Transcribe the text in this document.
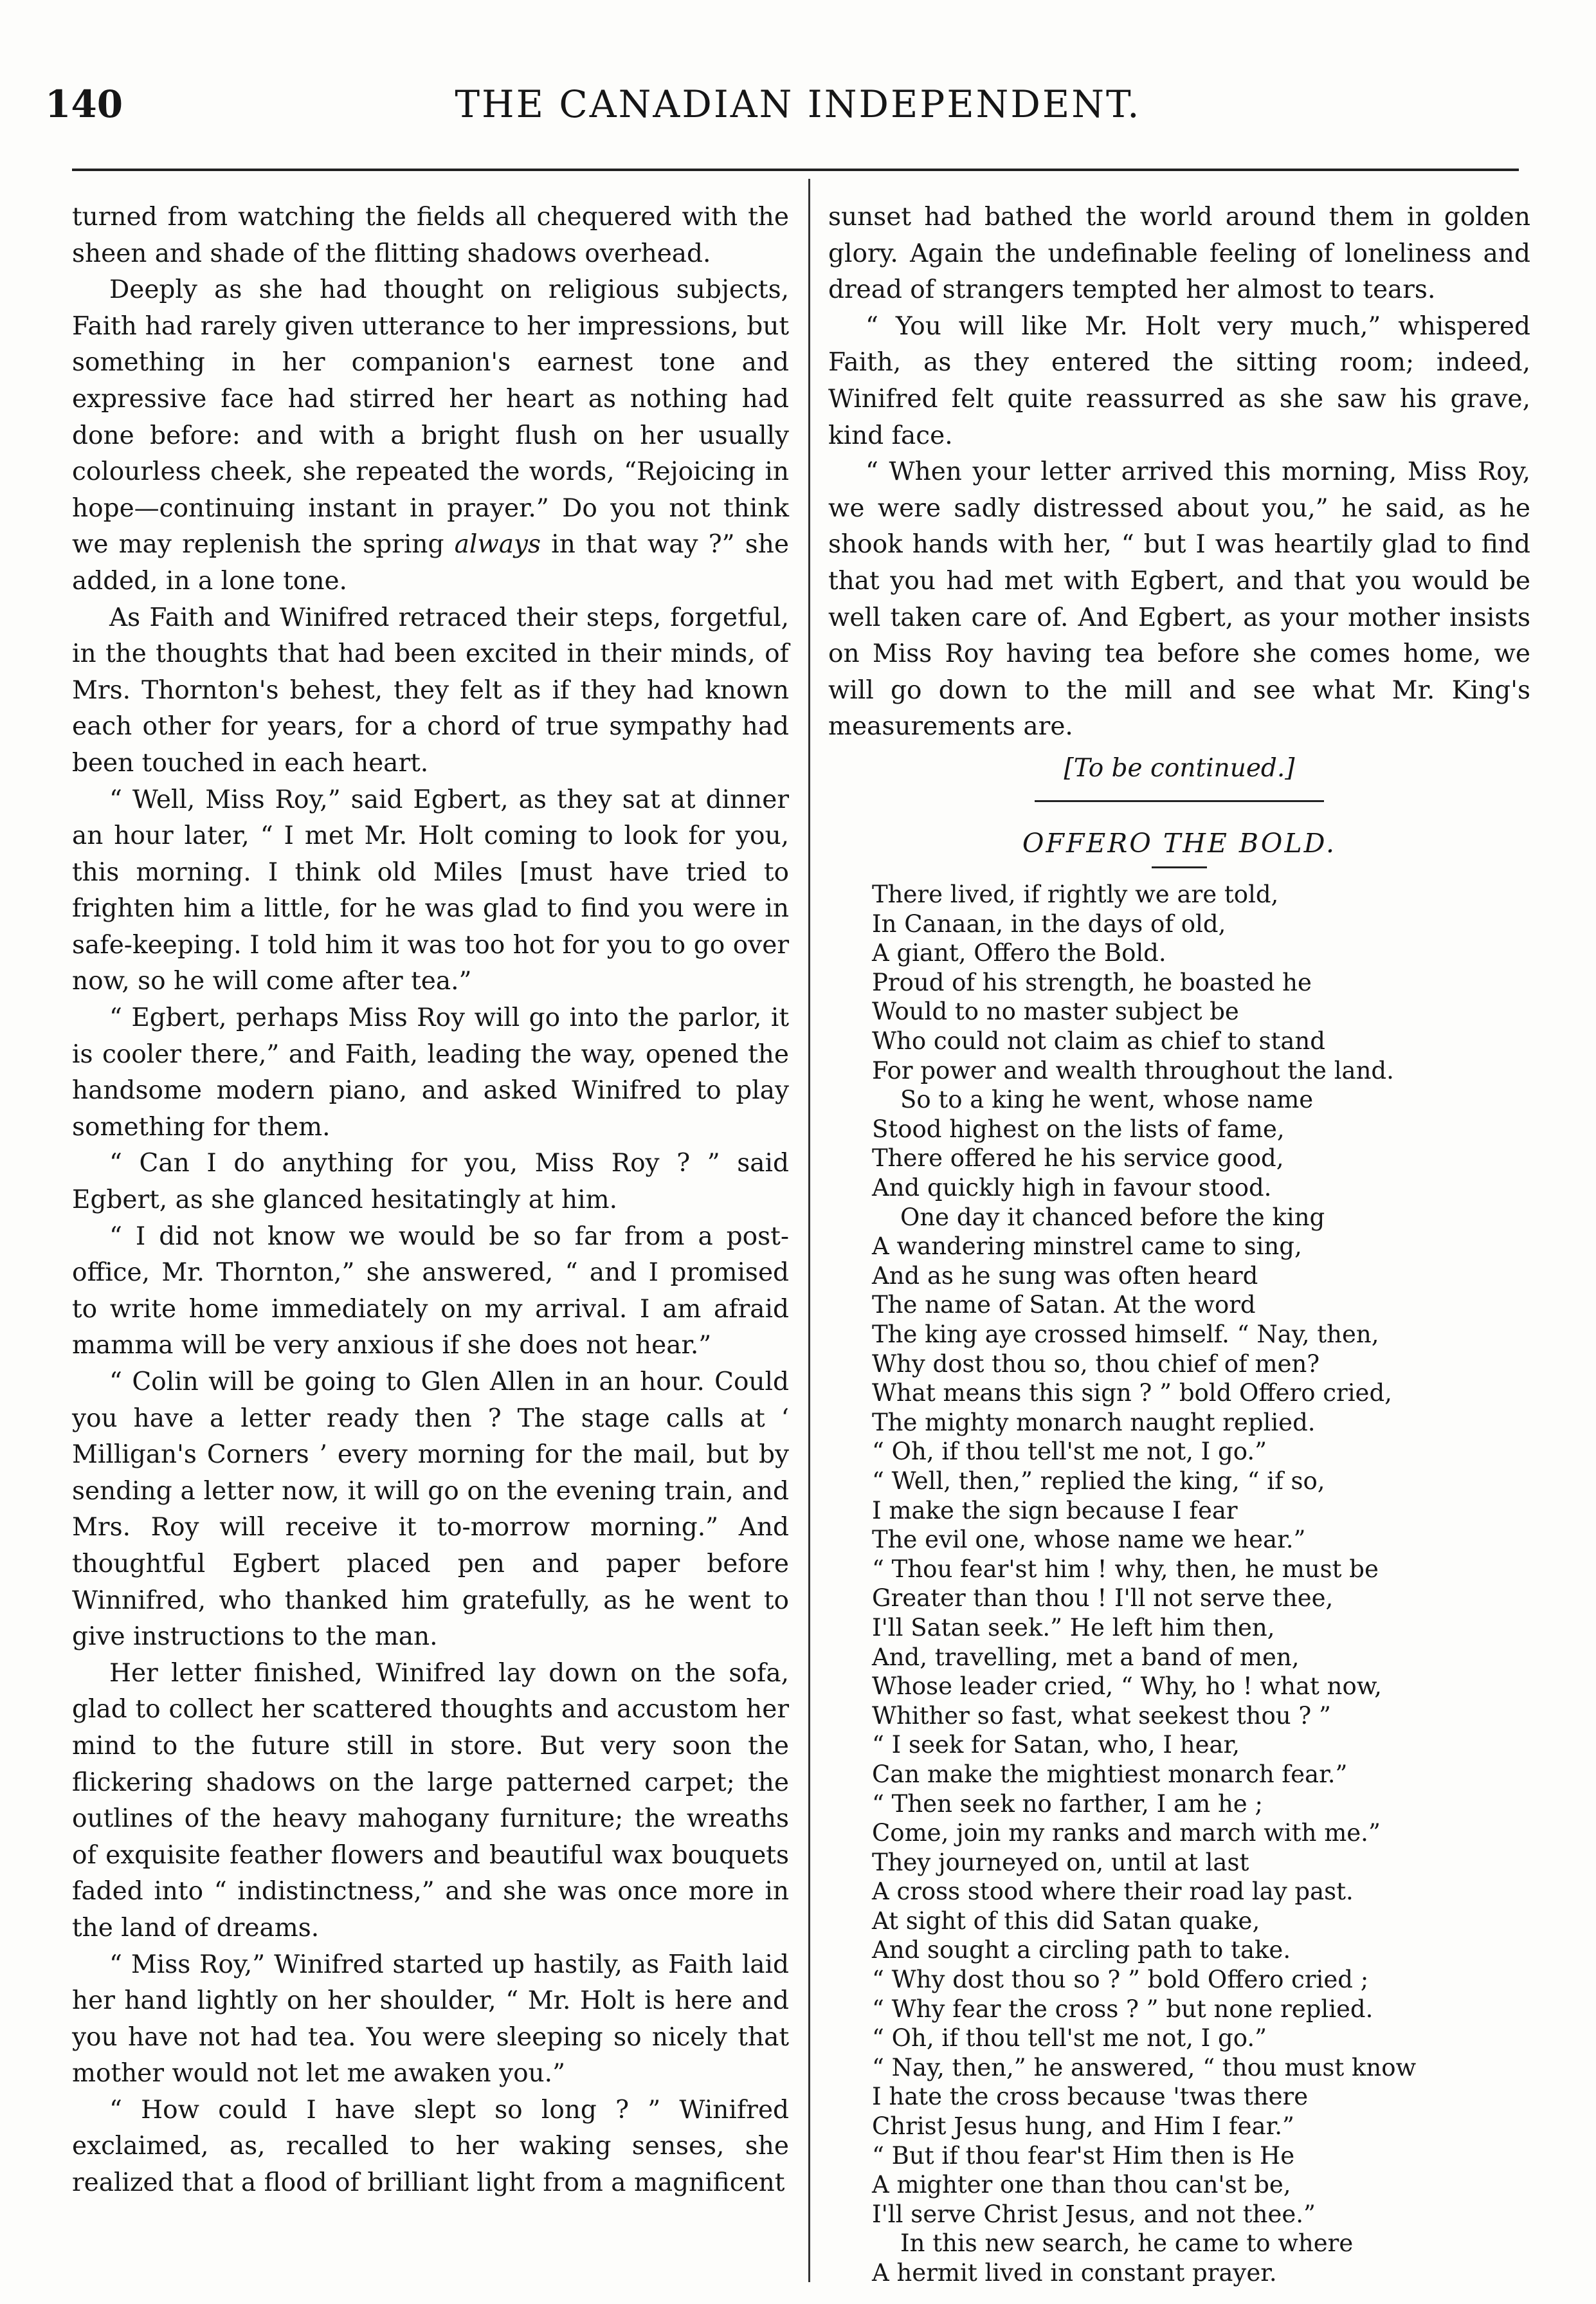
140	THE CANADIAN INDEPENDENT.

turned from watching the fields all chequered with the sheen and shade of the flitting shadows overhead.

Deeply as she had thought on religious subjects, Faith had rarely given utterance to her impressions, but something in her companion's earnest tone and expressive face had stirred her heart as nothing had done before: and with a bright flush on her usually colourless cheek, she repeated the words, “Rejoicing in hope—continuing instant in prayer.” Do you not think we may replenish the spring always in that way ?” she added, in a lone tone.

As Faith and Winifred retraced their steps, forgetful, in the thoughts that had been excited in their minds, of Mrs. Thornton's behest, they felt as if they had known each other for years, for a chord of true sympathy had been touched in each heart.

“ Well, Miss Roy,” said Egbert, as they sat at dinner an hour later, “ I met Mr. Holt coming to look for you, this morning. I think old Miles [must have tried to frighten him a little, for he was glad to find you were in safe-keeping. I told him it was too hot for you to go over now, so he will come after tea.”

“ Egbert, perhaps Miss Roy will go into the parlor, it is cooler there,” and Faith, leading the way, opened the handsome modern piano, and asked Winifred to play something for them.

“ Can I do anything for you, Miss Roy ? ” said Egbert, as she glanced hesitatingly at him.

“ I did not know we would be so far from a post-office, Mr. Thornton,” she answered, “ and I promised to write home immediately on my arrival. I am afraid mamma will be very anxious if she does not hear.”

“ Colin will be going to Glen Allen in an hour. Could you have a letter ready then ? The stage calls at ‘ Milligan's Corners ’ every morning for the mail, but by sending a letter now, it will go on the evening train, and Mrs. Roy will receive it to-morrow morning.” And thoughtful Egbert placed pen and paper before Winnifred, who thanked him gratefully, as he went to give instructions to the man.

Her letter finished, Winifred lay down on the sofa, glad to collect her scattered thoughts and accustom her mind to the future still in store. But very soon the flickering shadows on the large patterned carpet; the outlines of the heavy mahogany furniture; the wreaths of exquisite feather flowers and beautiful wax bouquets faded into “ indistinctness,” and she was once more in the land of dreams.

“ Miss Roy,” Winifred started up hastily, as Faith laid her hand lightly on her shoulder, “ Mr. Holt is here and you have not had tea. You were sleeping so nicely that mother would not let me awaken you.”

“ How could I have slept so long ? ” Winifred exclaimed, as, recalled to her waking senses, she realized that a flood of brilliant light from a magnificent

sunset had bathed the world around them in golden glory. Again the undefinable feeling of loneliness and dread of strangers tempted her almost to tears.

“ You will like Mr. Holt very much,” whispered Faith, as they entered the sitting room; indeed, Winifred felt quite reassurred as she saw his grave, kind face.

“ When your letter arrived this morning, Miss Roy, we were sadly distressed about you,” he said, as he shook hands with her, “ but I was heartily glad to find that you had met with Egbert, and that you would be well taken care of. And Egbert, as your mother insists on Miss Roy having tea before she comes home, we will go down to the mill and see what Mr. King's measurements are.

[To be continued.]
OFFERO THE BOLD.
There lived, if rightly we are told,
In Canaan, in the days of old,
A giant, Offero the Bold.
Proud of his strength, he boasted he
Would to no master subject be
Who could not claim as chief to stand
For power and wealth throughout the land.
So to a king he went, whose name
Stood highest on the lists of fame,
There offered he his service good,
And quickly high in favour stood.
One day it chanced before the king
A wandering minstrel came to sing,
And as he sung was often heard
The name of Satan. At the word
The king aye crossed himself. “ Nay, then,
Why dost thou so, thou chief of men?
What means this sign ? ” bold Offero cried,
The mighty monarch naught replied.
“ Oh, if thou tell'st me not, I go.”
“ Well, then,” replied the king, “ if so,
I make the sign because I fear
The evil one, whose name we hear.”
“ Thou fear'st him ! why, then, he must be
Greater than thou ! I'll not serve thee,
I'll Satan seek.” He left him then,
And, travelling, met a band of men,
Whose leader cried, “ Why, ho ! what now,
Whither so fast, what seekest thou ? ”
“ I seek for Satan, who, I hear,
Can make the mightiest monarch fear.”
“ Then seek no farther, I am he ;
Come, join my ranks and march with me.”
They journeyed on, until at last
A cross stood where their road lay past.
At sight of this did Satan quake,
And sought a circling path to take.
“ Why dost thou so ? ” bold Offero cried ;
“ Why fear the cross ? ” but none replied.
“ Oh, if thou tell'st me not, I go.”
“ Nay, then,” he answered, “ thou must know
I hate the cross because 'twas there
Christ Jesus hung, and Him I fear.”
“ But if thou fear'st Him then is He
A mighter one than thou can'st be,
I'll serve Christ Jesus, and not thee.”
In this new search, he came to where
A hermit lived in constant prayer.
